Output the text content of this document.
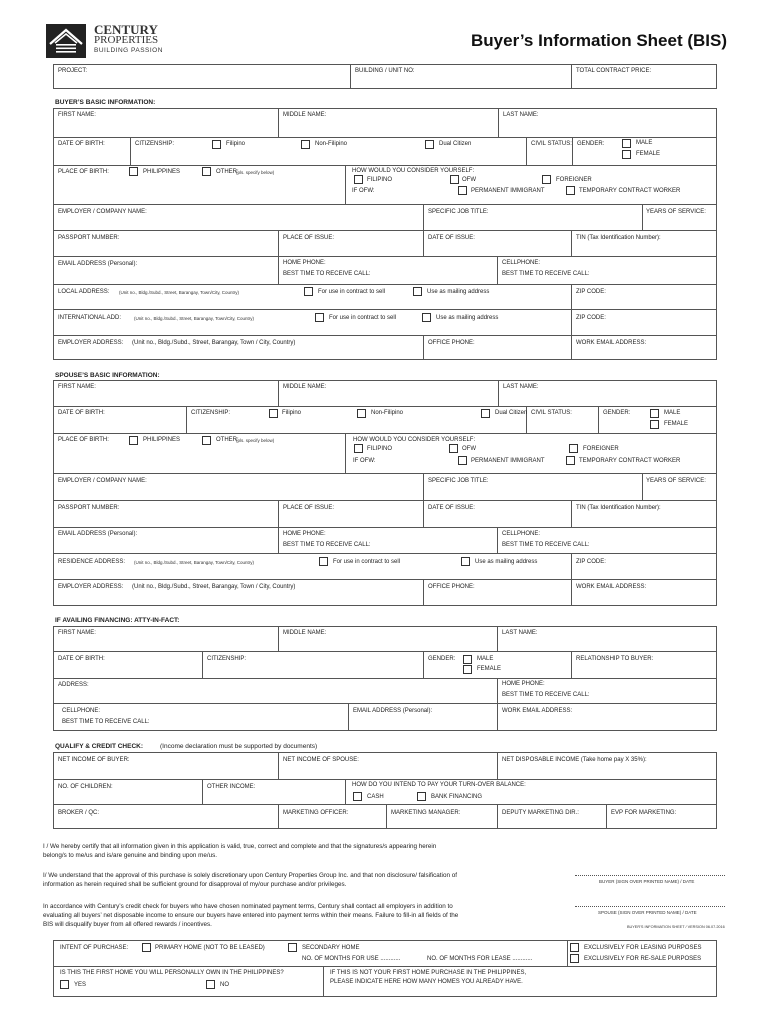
CENTURY
PROPERTIES
BUILDING PASSION
Buyer’s Information Sheet (BIS)
PROJECT:	BUILDING / UNIT NO:	TOTAL CONTRACT PRICE:
BUYER’S BASIC INFORMATION:
FIRST NAME:	MIDDLE NAME:	LAST NAME:
DATE OF BIRTH:	CITIZENSHIP:	Filipino	Non-Filipino	Dual Citizen	CIVIL STATUS: GENDER:	MALE
FEMALE
PLACE OF BIRTH:	PHILIPPINES	OTHER:
(pls. specify below)	HOW WOULD YOU CONSIDER YOURSELF:
FILIPINO	OFW	FOREIGNER
IF OFW:	PERMANENT IMMIGRANT	TEMPORARY CONTRACT WORKER
EMPLOYER / COMPANY NAME:	SPECIFIC JOB TITLE:	YEARS OF SERVICE:
PASSPORT NUMBER:	PLACE OF ISSUE:	DATE OF ISSUE:	TIN (Tax Identification Number):
EMAIL ADDRESS (Personal):	HOME PHONE:
BEST TIME TO RECEIVE CALL:
CELLPHONE:
BEST TIME TO RECEIVE CALL:
LOCAL ADDRESS: (Unit no., Bldg./Subd., Street, Barangay, Town/City, Country)	For use in contract to sell	Use as mailing address	ZIP CODE:
INTERNATIONAL ADD:	(Unit no., Bldg./Subd., Street, Barangay, Town/City, Country)	For use in contract to sell	Use as mailing address	ZIP CODE:
EMPLOYER ADDRESS: (Unit no., Bldg./Subd., Street, Barangay, Town / City, Country)	OFFICE PHONE:	WORK EMAIL ADDRESS:
SPOUSE’S BASIC INFORMATION:
FIRST NAME:	MIDDLE NAME:	LAST NAME:
DATE OF BIRTH:	CITIZENSHIP:	Filipino	Non-Filipino	Dual Citizen CIVIL STATUS:	GENDER:	MALE
FEMALE
PLACE OF BIRTH:	PHILIPPINES	OTHER:
(pls. specify below)	HOW WOULD YOU CONSIDER YOURSELF:
FILIPINO	OFW	FOREIGNER
IF OFW:	PERMANENT IMMIGRANT	TEMPORARY CONTRACT WORKER
EMPLOYER / COMPANY NAME:	SPECIFIC JOB TITLE:	YEARS OF SERVICE:
PASSPORT NUMBER:	PLACE OF ISSUE:	DATE OF ISSUE:	TIN (Tax Identification Number):
EMAIL ADDRESS (Personal):	HOME PHONE:
BEST TIME TO RECEIVE CALL:
CELLPHONE:
BEST TIME TO RECEIVE CALL:
RESIDENCE ADDRESS: (Unit no., Bldg./Subd., Street, Barangay, Town/City, Country)	For use in contract to sell	Use as mailing address	ZIP CODE:
EMPLOYER ADDRESS: (Unit no., Bldg./Subd., Street, Barangay, Town / City, Country)	OFFICE PHONE:	WORK EMAIL ADDRESS:
IF AVAILING FINANCING: ATTY-IN-FACT:
FIRST NAME:	MIDDLE NAME:	LAST NAME:
DATE OF BIRTH:	CITIZENSHIP:	GENDER:	MALE
FEMALE
RELATIONSHIP TO BUYER:
ADDRESS:	HOME PHONE:
BEST TIME TO RECEIVE CALL:
CELLPHONE:
BEST TIME TO RECEIVE CALL:
EMAIL ADDRESS (Personal):	WORK EMAIL ADDRESS:
QUALIFY & CREDIT CHECK:	(Income declaration must be supported by documents)
NET INCOME OF BUYER:	NET INCOME OF SPOUSE:	NET DISPOSABLE INCOME (Take home pay X 35%):
NO. OF CHILDREN:	OTHER INCOME:	HOW DO YOU INTEND TO PAY YOUR TURN-OVER BALANCE:
CASH	BANK FINANCING
BROKER / QC:	MARKETING OFFICER:	MARKETING MANAGER:	DEPUTY MARKETING DIR.:	EVP FOR MARKETING:
I / We hereby certify that all information given in this application is valid, true, correct and complete and that the signatures/s appearing herein belong/s to me/us and is/are genuine and binding upon me/us.
I/ We understand that the approval of this purchase is solely discretionary upon Century Properties Group Inc. and that non disclosure/ falsification of information as herein required shall be sufficient ground for disapproval of my/our purchase and/or privileges.
In accordance with Century’s credit check for buyers who have chosen nominated payment terms, Century shall contact all employers in addition to evaluating all buyers’ net disposable income to ensure our buyers have entered into payment terms within their means. Failure to fill-in all fields of the BIS will disqualify buyer from all offered rewards / incentives.
BUYER (SIGN OVER PRINTED NAME) / DATE
SPOUSE (SIGN OVER PRINTED NAME) / DATE
BUYER’S INFORMATION SHEET / VERSION 06.07.2016
INTENT OF PURCHASE:	PRIMARY HOME (NOT TO BE LEASED)	SECONDARY HOME
NO. OF MONTHS FOR USE ............	NO. OF MONTHS FOR LEASE ............
EXCLUSIVELY FOR LEASING PURPOSES
EXCLUSIVELY FOR RE-SALE PURPOSES
IS THIS THE FIRST HOME YOU WILL PERSONALLY OWN IN THE PHILIPPINES?
YES	NO
IF THIS IS NOT YOUR FIRST HOME PURCHASE IN THE PHILIPPINES,
PLEASE INDICATE HERE HOW MANY HOMES YOU ALREADY HAVE.
